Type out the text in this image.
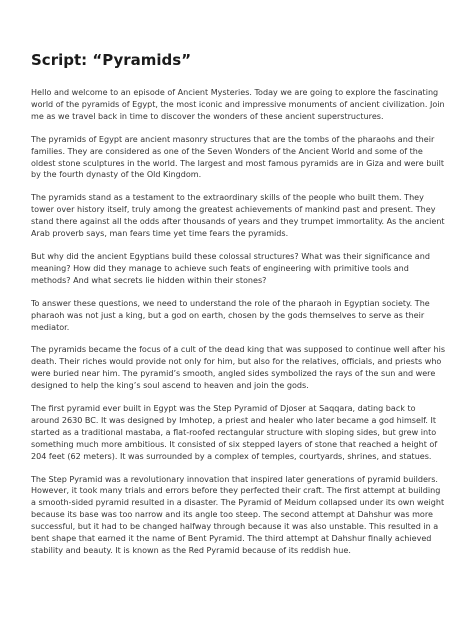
Script: “Pyramids”

Hello and welcome to an episode of Ancient Mysteries. Today we are going to explore the fascinating world of the pyramids of Egypt, the most iconic and impressive monuments of ancient civilization. Join me as we travel back in time to discover the wonders of these ancient superstructures.

The pyramids of Egypt are ancient masonry structures that are the tombs of the pharaohs and their families. They are considered as one of the Seven Wonders of the Ancient World and some of the oldest stone sculptures in the world. The largest and most famous pyramids are in Giza and were built by the fourth dynasty of the Old Kingdom.

The pyramids stand as a testament to the extraordinary skills of the people who built them. They tower over history itself, truly among the greatest achievements of mankind past and present. They stand there against all the odds after thousands of years and they trumpet immortality. As the ancient Arab proverb says, man fears time yet time fears the pyramids.

But why did the ancient Egyptians build these colossal structures? What was their significance and meaning? How did they manage to achieve such feats of engineering with primitive tools and methods? And what secrets lie hidden within their stones?

To answer these questions, we need to understand the role of the pharaoh in Egyptian society. The pharaoh was not just a king, but a god on earth, chosen by the gods themselves to serve as their mediator.

The pyramids became the focus of a cult of the dead king that was supposed to continue well after his death. Their riches would provide not only for him, but also for the relatives, officials, and priests who were buried near him. The pyramid’s smooth, angled sides symbolized the rays of the sun and were designed to help the king’s soul ascend to heaven and join the gods.

The first pyramid ever built in Egypt was the Step Pyramid of Djoser at Saqqara, dating back to around 2630 BC. It was designed by Imhotep, a priest and healer who later became a god himself. It started as a traditional mastaba, a flat-roofed rectangular structure with sloping sides, but grew into something much more ambitious. It consisted of six stepped layers of stone that reached a height of 204 feet (62 meters). It was surrounded by a complex of temples, courtyards, shrines, and statues.

The Step Pyramid was a revolutionary innovation that inspired later generations of pyramid builders. However, it took many trials and errors before they perfected their craft. The first attempt at building a smooth-sided pyramid resulted in a disaster. The Pyramid of Meidum collapsed under its own weight because its base was too narrow and its angle too steep. The second attempt at Dahshur was more successful, but it had to be changed halfway through because it was also unstable. This resulted in a bent shape that earned it the name of Bent Pyramid. The third attempt at Dahshur finally achieved stability and beauty. It is known as the Red Pyramid because of its reddish hue.
